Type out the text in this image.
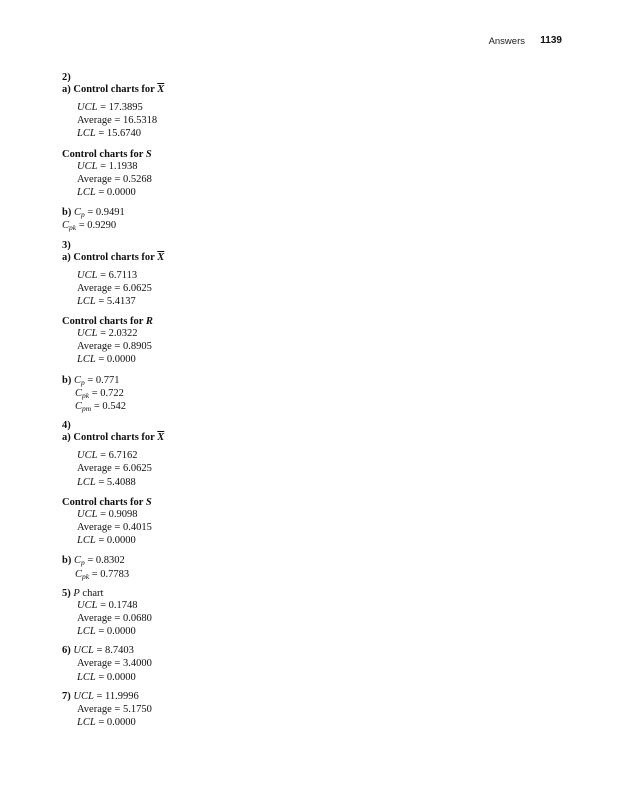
Answers 1139

2)

a) Control charts for $\overline{X}$

UCL = 17.3895
Average = 16.5318
LCL = 15.6740

Control charts for S

UCL = 1.1938
Average = 0.5268
LCL = 0.0000
b) $C_p = 0.9491$
$C_{pk} = 0.9290$

3)

a) Control charts for $\overline{X}$

UCL = 6.7113
Average = 6.0625
LCL = 5.4137

Control charts for R

UCL = 2.0322
Average = 0.8905
LCL = 0.0000
b) $C_p = 0.771$
$C_{pk} = 0.722$
$C_{pm} = 0.542$

4)

a) Control charts for $\overline{X}$

UCL = 6.7162
Average = 6.0625
LCL = 5.4088

Control charts for S

UCL = 0.9098
Average = 0.4015
LCL = 0.0000
b) $C_p = 0.8302$
$C_{pk} = 0.7783$

5) P chart

UCL = 0.1748
Average = 0.0680
LCL = 0.0000
6) UCL = 8.7403
Average = 3.4000
LCL = 0.0000
7) UCL = 11.9996
Average = 5.1750
LCL = 0.0000
